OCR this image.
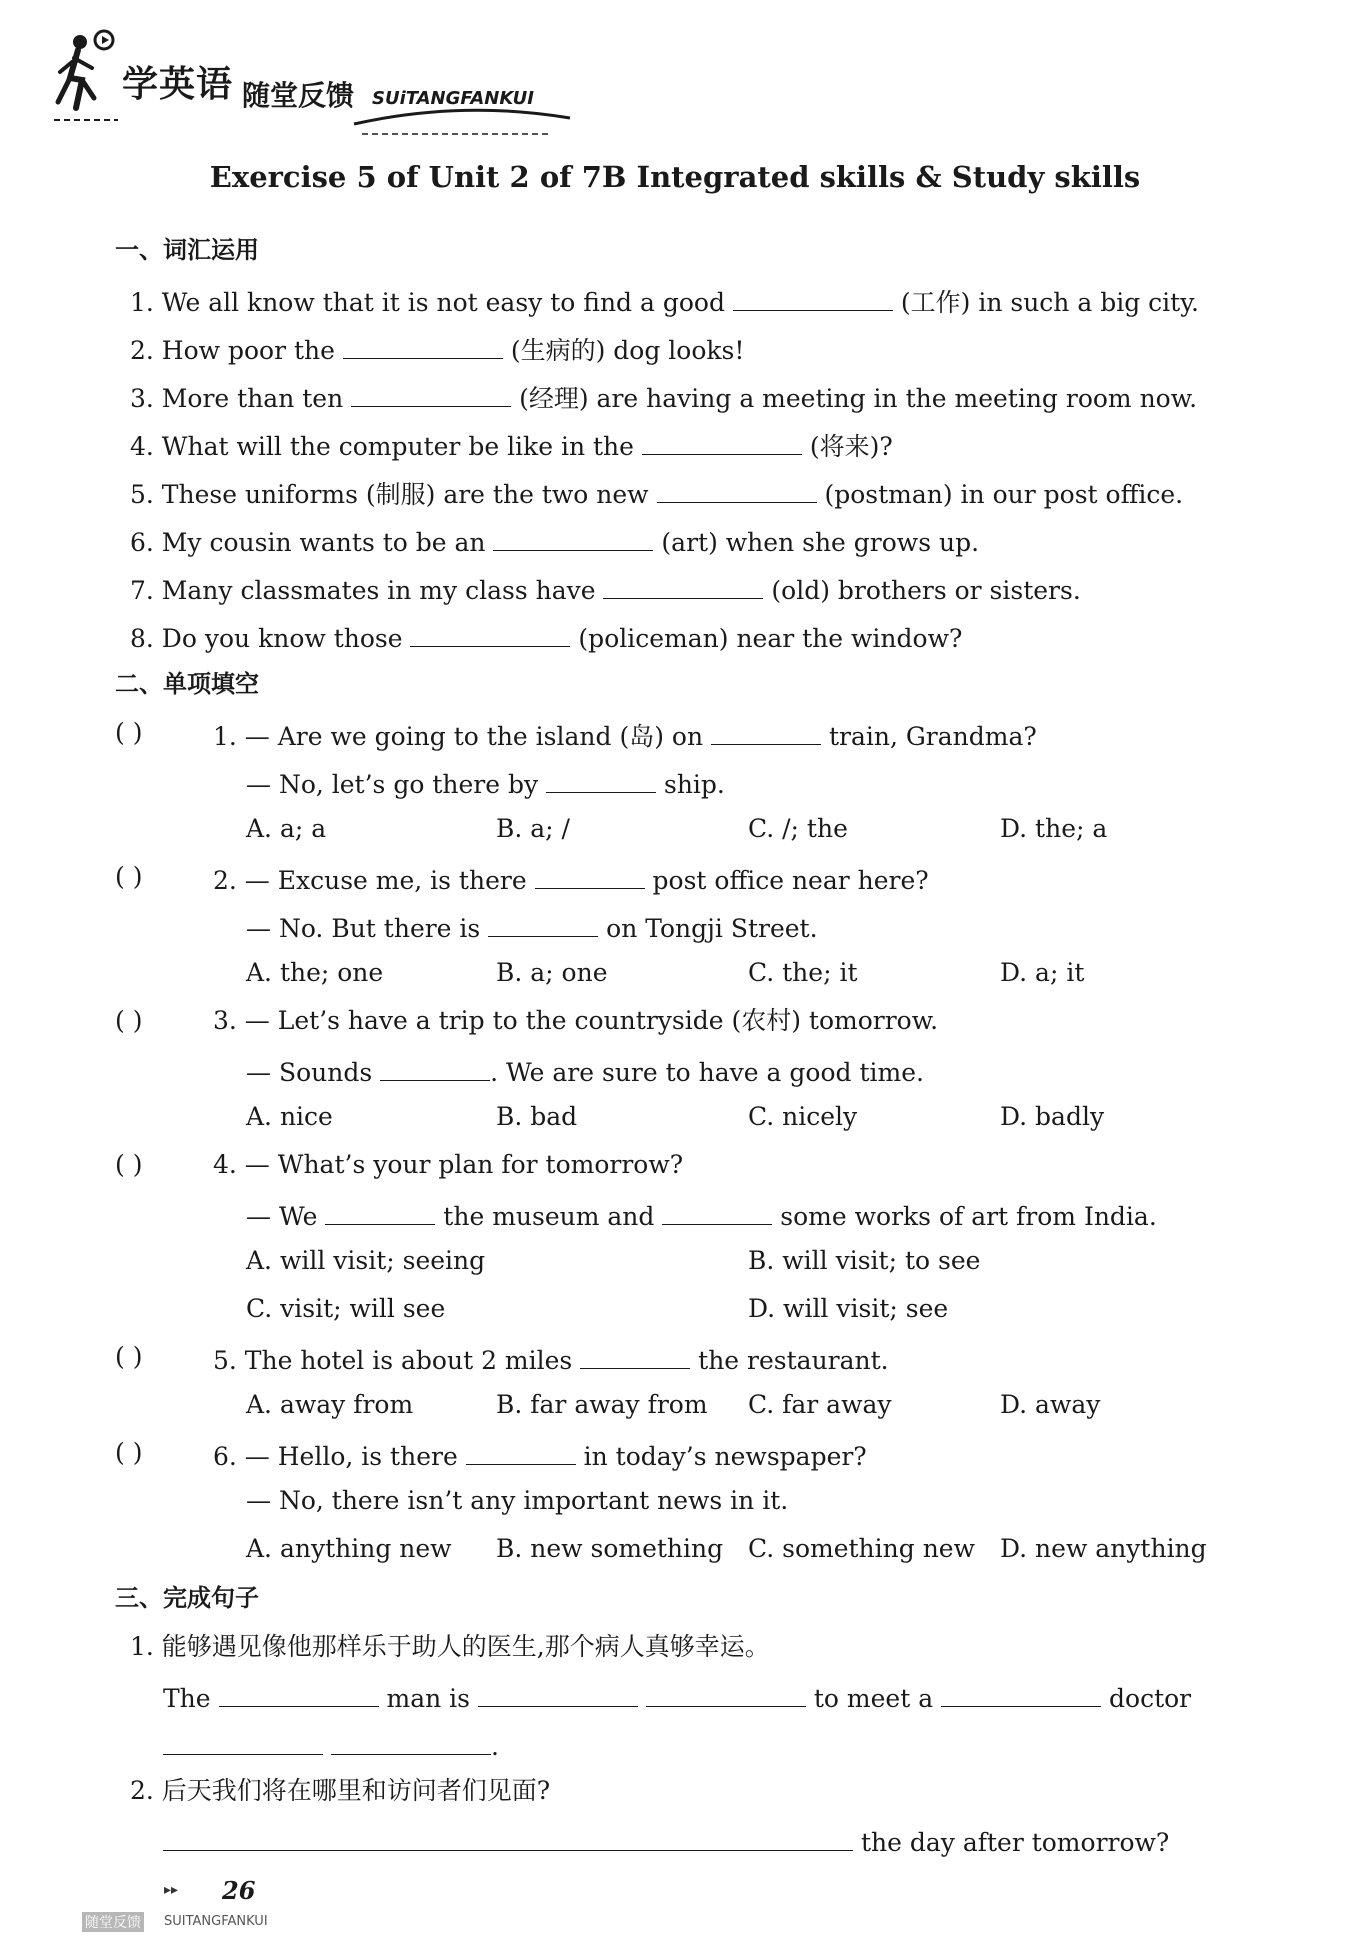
学英语 随堂反馈 SUiTANGFANKUI
Exercise 5 of Unit 2 of 7B Integrated skills & Study skills
一、词汇运用
1. We all know that it is not easy to find a good	(工作) in such a big city.
2. How poor the	(生病的) dog looks!
3. More than ten	(经理) are having a meeting in the meeting room now.
4. What will the computer be like in the	(将来)?
5. These uniforms (制服) are the two new	(postman) in our post office.
6. My cousin wants to be an	(art) when she grows up.
7. Many classmates in my class have	(old) brothers or sisters.
8. Do you know those	(policeman) near the window?
二、单项填空
( )	1. — Are we going to the island (岛) on	train, Grandma?
— No, let’s go there by	ship.
A. a; a	B. a; /	C. /; the	D. the; a
( )	2. — Excuse me, is there	post office near here?
— No. But there is	on Tongji Street.
A. the; one	B. a; one	C. the; it	D. a; it
( )	3. — Let’s have a trip to the countryside (农村) tomorrow.
— Sounds	. We are sure to have a good time.
A. nice	B. bad	C. nicely	D. badly
( )	4. — What’s your plan for tomorrow?
— We	the museum and	some works of art from India.
A. will visit; seeing	B. will visit; to see
C. visit; will see	D. will visit; see
( )	5. The hotel is about 2 miles	the restaurant.
A. away from	B. far away from C. far away	D. away
( )	6. — Hello, is there	in today’s newspaper?
— No, there isn’t any important news in it.
A. anything new B. new something C. something new D. new anything
三、完成句子
1. 能够遇见像他那样乐于助人的医生,那个病人真够幸运。
The	man is	to meet a	doctor
.
2. 后天我们将在哪里和访问者们见面?
the day after tomorrow?
▸▸ 26
随堂反馈 SUITANGFANKUI
